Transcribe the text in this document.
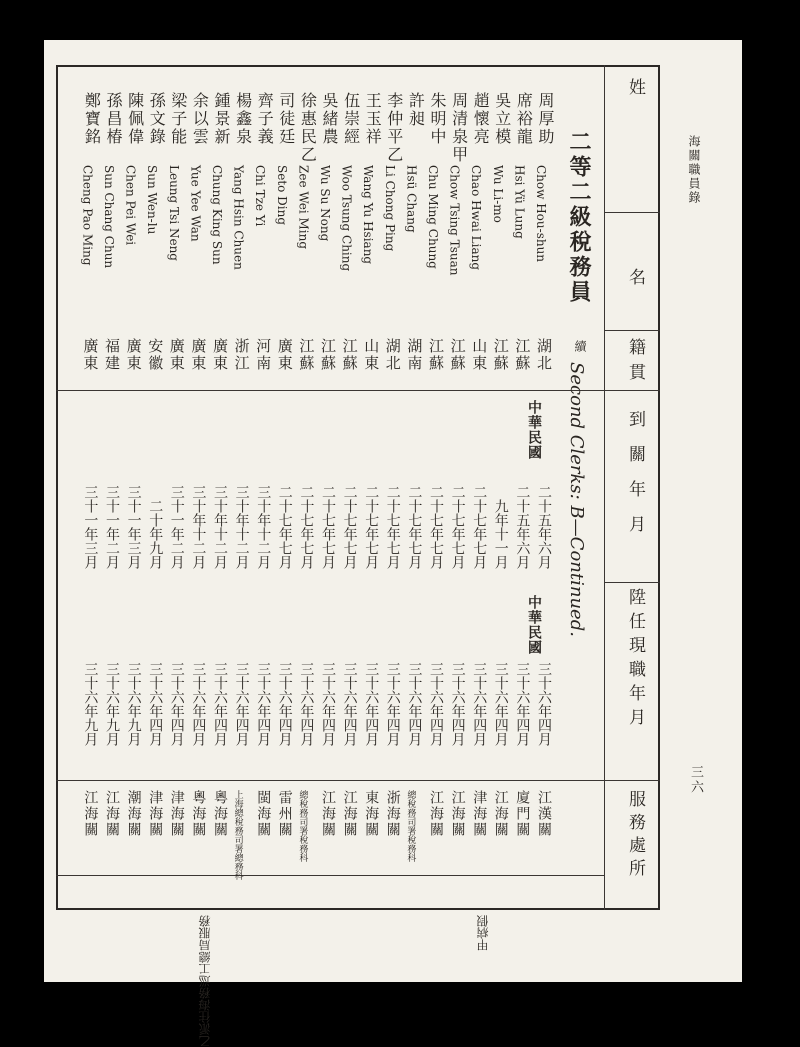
海關職員錄
三六
姓
名
籍貫
到關年月
陞任現職年月
服務處所
二等二級稅務員
續
Second Clerks: B—Continued.
中華民國
中華民國
周厚助
Chow Hou-shun
湖北
二十五年六月
三十六年四月
江漢關
席裕龍
Hsi Yü Lung
江蘇
二十五年六月
三十六年四月
廈門關
吳立模
Wu Li-mo
江蘇
九年十一月
三十六年四月
江海關
趙懷亮
Chao Hwai Liang
山東
二十七年七月
三十六年四月
津海關
周清泉甲
Chow Tsing Tsuan
江蘇
二十七年七月
三十六年四月
江海關
朱明中
Chu Ming Chung
江蘇
二十七年七月
三十六年四月
江海關
許昶
Hsü Chang
湖南
二十七年七月
三十六年四月
總稅務司署稅務科
李仲平乙
Li Chong Ping
湖北
二十七年七月
三十六年四月
浙海關
王玉祥
Wang Yu Hsiang
山東
二十七年七月
三十六年四月
東海關
伍崇經
Woo Tsung Ching
江蘇
二十七年七月
三十六年四月
江海關
吳緒農
Wu Su Nong
江蘇
二十七年七月
三十六年四月
江海關
徐惠民乙
Zee Wei Ming
江蘇
二十七年七月
三十六年四月
總稅務司署稅務科
司徒廷
Seto Ding
廣東
二十七年七月
三十六年四月
雷州關
齊子義
Chi Tze Yi
河南
三十年十二月
三十六年四月
閩海關
楊鑫泉
Yang Hsin Chuen
浙江
三十年十二月
三十六年四月
上海總稅務司署總務科
鍾景新
Chung King Sun
廣東
三十年十二月
三十六年四月
粵海關
余以雲
Yue Yee Wan
廣東
三十年十二月
三十六年四月
粵海關
梁子能
Leung Tsi Neng
廣東
三十一年二月
三十六年四月
津海關
孫文錄
Sun Wen-lu
安徽
二十年九月
三十六年四月
津海關
陳佩偉
Chen Pei Wei
廣東
三十一年三月
三十六年九月
潮海關
孫昌椿
Sun Chang Chun
福建
三十一年二月
三十六年九月
江海關
鄭寶銘
Cheng Pao Ming
廣東
三十一年三月
三十六年九月
江海關
甲病假
乙派往海務巡工總局服務
